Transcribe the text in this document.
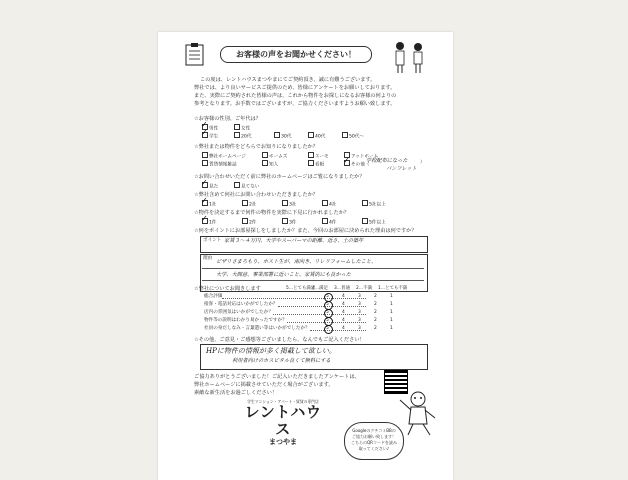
お客様の声をお聞かせください！
この度は、レントハウスまつやまにてご契約頂き、誠に有難うございます。
弊社では、より良いサービスご提供のため、皆様にアンケートをお願いしております。
また、実際にご契約された皆様の声は、これから物件をお探しになるお客様の何よりの
参考となります。お手数ではございますが、ご協力くださいますようお願い致します。
☆お客様の性別、ご年代は？
男性	女性
学生	20代	30代	40代	50代～
✓
✓
☆弊社または物件をどちらでお知りになりましたか？
弊社ホームページ	ホームズ	スーモ	アットホーム
賃貸情報雑誌	知人	看板	その他（	）
✓	学校配布になった
パンフレット
☆お問い合わせいただく前に弊社のホームページはご覧になりましたか？
見た	見てない
✓
☆弊社含めて何社にお問い合わせいただきましたか？
1社	2社	3社	4社	5社以上
✓
☆物件を決定するまで何件の物件を実際に下見に行かれましたか？
1件	2件	3件	4件	5件以上
✓
☆何をポイントにお部屋探しをしましたか？また、今回のお部屋に決められた理由は何ですか？
ポイント 家賃３～４万円、大学やスーパーマの距離、近さ、土の築年
理由
ピザリさまろもり、ホスト生が、南向き、リレリフォームしたこと、
大学、大間意、事業部署に近いこと、家賃的にも良かった
☆弊社についてお聞きします	5…とても満足
4…満足 3…普通 2…不満 1…とても不満
総合評価	5	4	3	2	1
接客・電話対応はいかがでしたか？	5	4	3	2	1
店内の雰囲気はいかがでしたか？	5	4	3	2	1
物件等の説明はわかり易かったですか？	5	4	3	2	1
社員の身だしなみ・言葉遣い等はいかがでしたか？	5	4	3	2	1
☆その他、ご意見・ご感想等ございましたら、なんでもご記入ください！
HPに物件の情報が多く掲載して欲しい。
利用者向けのホスピタル良くて無料にする
ご協力ありがとうございました！ご記入いただきましたアンケートは、
弊社ホームページに掲載させていただく場合がございます。
素敵な新生活をお過ごしください！
学生マンション・アパート・賃貸の専門店
レントハウス
まつやま
GoogleのクチコミBBの
ご協力お願い致します！
こちらのQRコードを読み
取ってください♪
